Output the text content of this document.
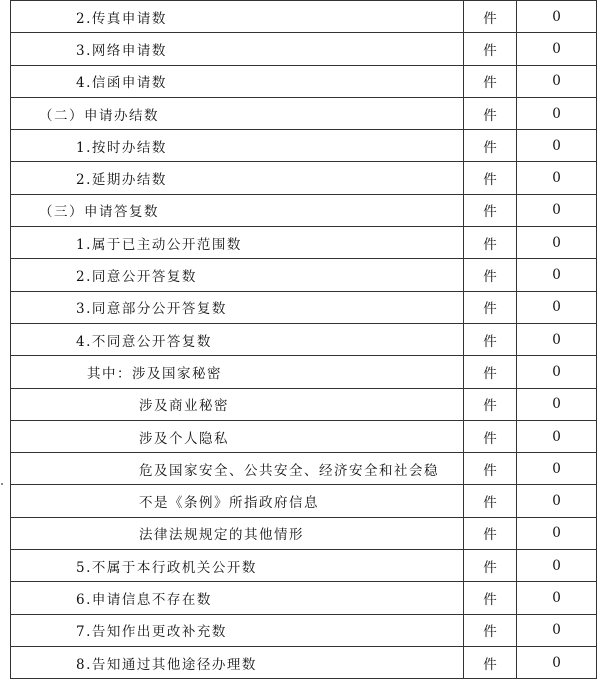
2.传真申请数	件	0
3.网络申请数	件	0
4.信函申请数	件	0
（二）申请办结数	件	0
1.按时办结数	件	0
2.延期办结数	件	0
（三）申请答复数	件	0
1.属于已主动公开范围数	件	0
2.同意公开答复数	件	0
3.同意部分公开答复数	件	0
4.不同意公开答复数	件	0
其中：涉及国家秘密	件	0
涉及商业秘密	件	0
涉及个人隐私	件	0
危及国家安全、公共安全、经济安全和社会稳	件	0
不是《条例》所指政府信息	件	0
法律法规规定的其他情形	件	0
5.不属于本行政机关公开数	件	0
6.申请信息不存在数	件	0
7.告知作出更改补充数	件	0
8.告知通过其他途径办理数	件	0
